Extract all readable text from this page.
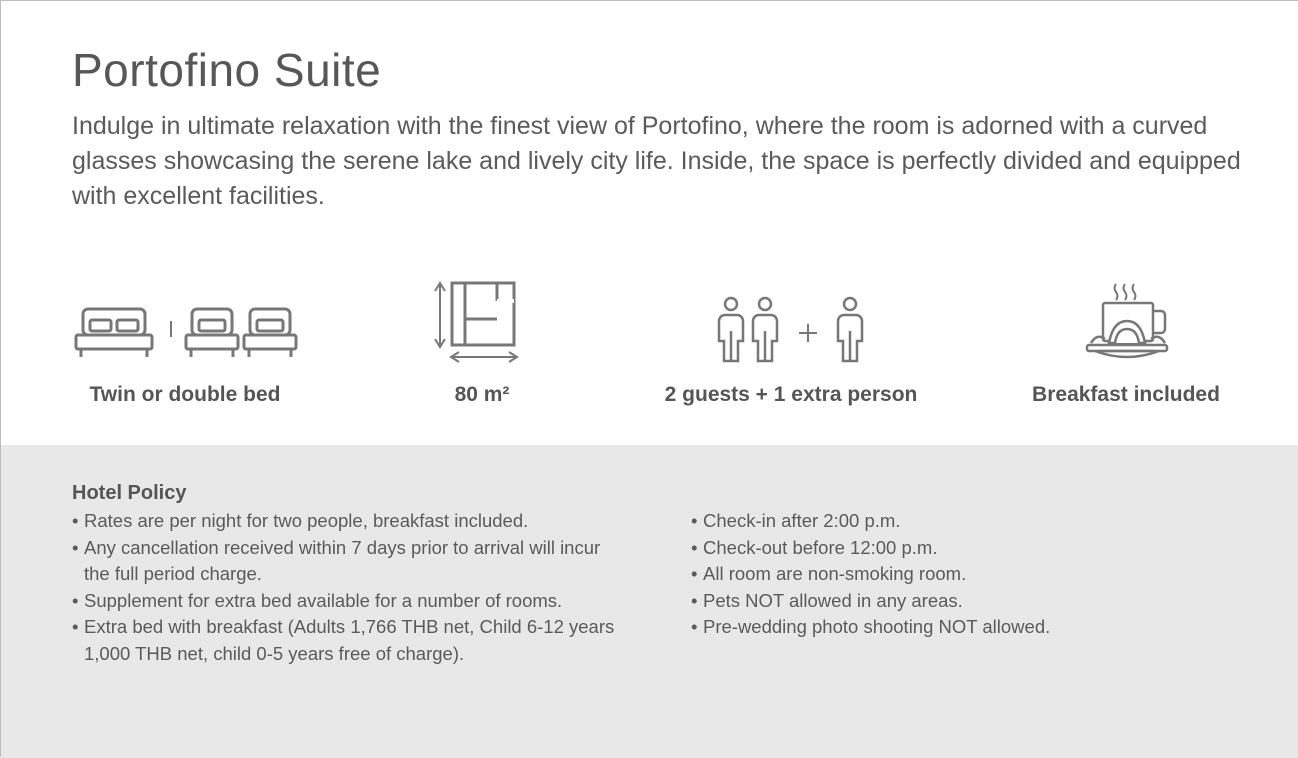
Portofino Suite

Indulge in ultimate relaxation with the finest view of Portofino, where the room is adorned with a curved glasses showcasing the serene lake and lively city life. Inside, the space is perfectly divided and equipped with excellent facilities.

Twin or double bed	80 m²	2 guests + 1 extra person	Breakfast included
Hotel Policy
• Rates are per night for two people, breakfast included.
• Any cancellation received within 7 days prior to arrival will incur the full period charge.
• Supplement for extra bed available for a number of rooms.
• Extra bed with breakfast (Adults 1,766 THB net, Child 6-12 years 1,000 THB net, child 0-5 years free of charge).
• Check-in after 2:00 p.m.
• Check-out before 12:00 p.m.
• All room are non-smoking room.
• Pets NOT allowed in any areas.
• Pre-wedding photo shooting NOT allowed.
